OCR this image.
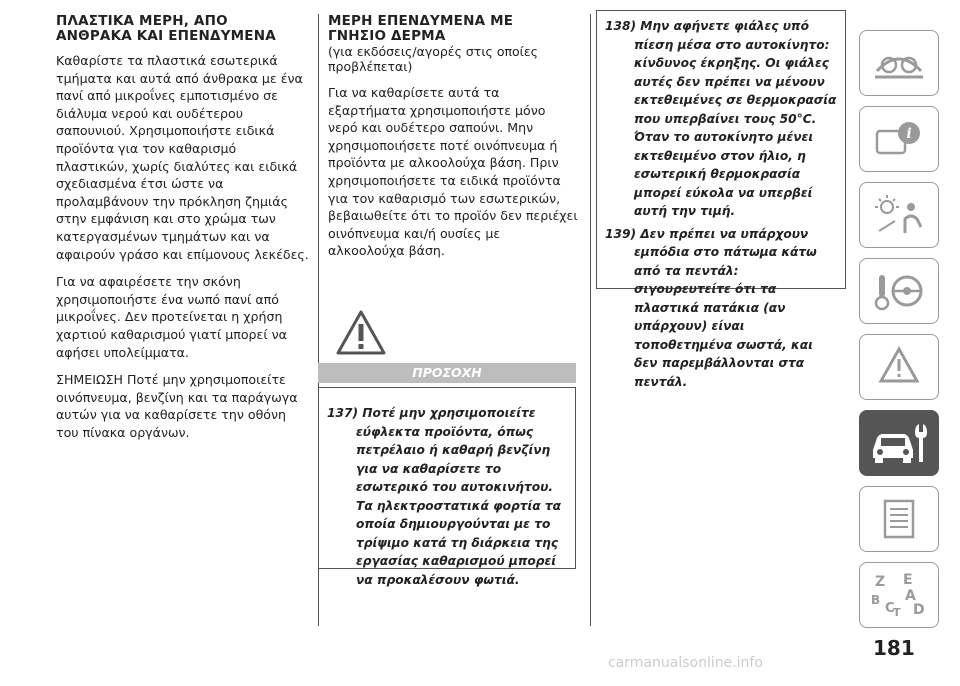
ΠΛΑΣΤΙΚΑ ΜΕΡΗ, ΑΠΟ
ΑΝΘΡΑΚΑ ΚΑΙ ΕΠΕΝΔΥΜΕΝΑ

Καθαρίστε τα πλαστικά εσωτερικά τμήματα και αυτά από άνθρακα με ένα πανί από μικροΐνες εμποτισμένο σε διάλυμα νερού και ουδέτερου σαπουνιού. Χρησιμοποιήστε ειδικά προϊόντα για τον καθαρισμό πλαστικών, χωρίς διαλύτες και ειδικά σχεδιασμένα έτσι ώστε να προλαμβάνουν την πρόκληση ζημιάς στην εμφάνιση και στο χρώμα των κατεργασμένων τμημάτων και να αφαιρούν γράσο και επίμονους λεκέδες.

Για να αφαιρέσετε την σκόνη χρησιμοποιήστε ένα νωπό πανί από μικροΐνες. Δεν προτείνεται η χρήση χαρτιού καθαρισμού γιατί μπορεί να αφήσει υπολείμματα.

ΣΗΜΕΙΩΣΗ Ποτέ μην χρησιμοποιείτε οινόπνευμα, βενζίνη και τα παράγωγα αυτών για να καθαρίσετε την οθόνη του πίνακα οργάνων.

ΜΕΡΗ ΕΠΕΝΔΥΜΕΝΑ ΜΕ
ΓΝΗΣΙΟ ΔΕΡΜΑ

(για εκδόσεις/αγορές στις οποίες προβλέπεται)

Για να καθαρίσετε αυτά τα εξαρτήματα χρησιμοποιήστε μόνο νερό και ουδέτερο σαπούνι. Μην χρησιμοποιήσετε ποτέ οινόπνευμα ή προϊόντα με αλκοολούχα βάση. Πριν χρησιμοποιήσετε τα ειδικά προϊόντα για τον καθαρισμό των εσωτερικών, βεβαιωθείτε ότι το προϊόν δεν περιέχει οινόπνευμα και/ή ουσίες με αλκοολούχα βάση.

ΠΡΟΣΟΧΗ

137) Ποτέ μην χρησιμοποιείτε εύφλεκτα προϊόντα, όπως πετρέλαιο ή καθαρή βενζίνη για να καθαρίσετε το εσωτερικό του αυτοκινήτου. Τα ηλεκτροστατικά φορτία τα οποία δημιουργούνται με το τρίψιμο κατά τη διάρκεια της εργασίας καθαρισμού μπορεί να προκαλέσουν φωτιά.

138) Μην αφήνετε φιάλες υπό πίεση μέσα στο αυτοκίνητο: κίνδυνος έκρηξης. Οι φιάλες αυτές δεν πρέπει να μένουν εκτεθειμένες σε θερμοκρασία που υπερβαίνει τους 50°C. Όταν το αυτοκίνητο μένει εκτεθειμένο στον ήλιο, η εσωτερική θερμοκρασία μπορεί εύκολα να υπερβεί αυτή την τιμή.

139) Δεν πρέπει να υπάρχουν εμπόδια στο πάτωμα κάτω από τα πεντάλ: σιγουρευτείτε ότι τα πλαστικά πατάκια (αν υπάρχουν) είναι τοποθετημένα σωστά, και δεν παρεμβάλλονται στα πεντάλ.

i
Z E
B A
C
T D
181
carmanualsonline.info
